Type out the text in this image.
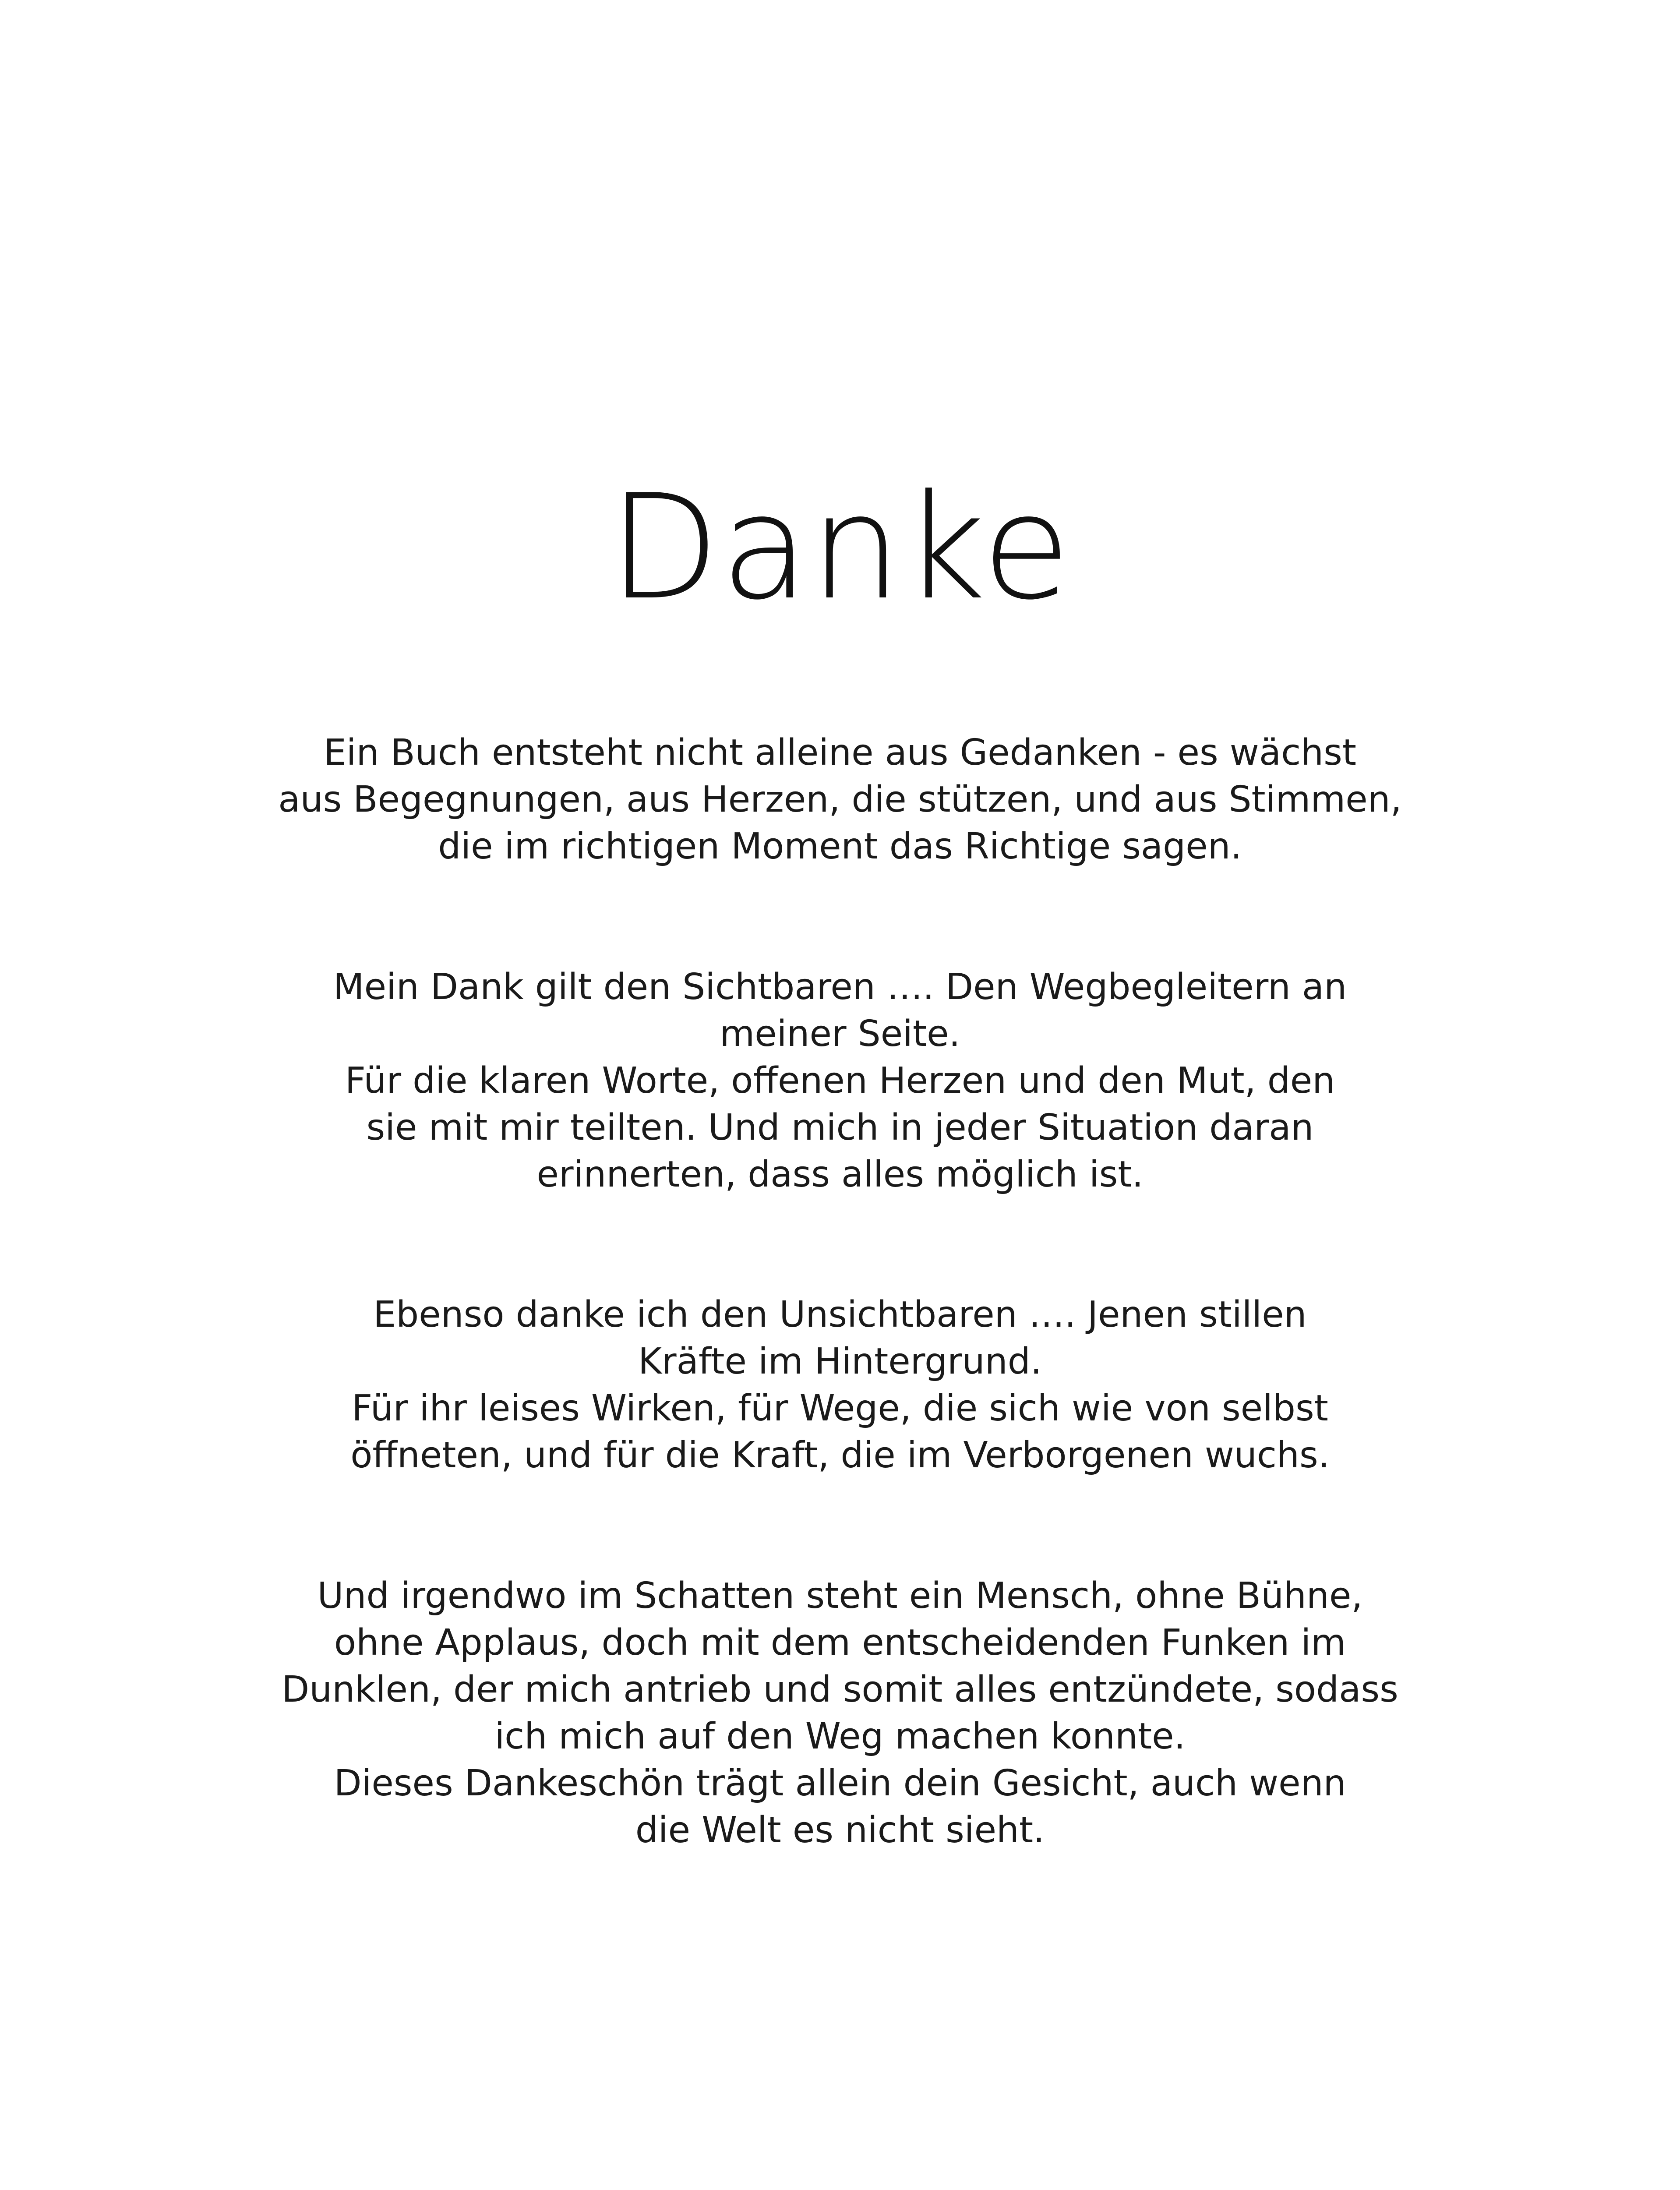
Danke
Ein Buch entsteht nicht alleine aus Gedanken - es wächst
aus Begegnungen, aus Herzen, die stützen, und aus Stimmen,
die im richtigen Moment das Richtige sagen.
Mein Dank gilt den Sichtbaren …. Den Wegbegleitern an
meiner Seite.
Für die klaren Worte, offenen Herzen und den Mut, den
sie mit mir teilten. Und mich in jeder Situation daran
erinnerten, dass alles möglich ist.
Ebenso danke ich den Unsichtbaren …. Jenen stillen
Kräfte im Hintergrund.
Für ihr leises Wirken, für Wege, die sich wie von selbst
öffneten, und für die Kraft, die im Verborgenen wuchs.
Und irgendwo im Schatten steht ein Mensch, ohne Bühne,
ohne Applaus, doch mit dem entscheidenden Funken im
Dunklen, der mich antrieb und somit alles entzündete, sodass
ich mich auf den Weg machen konnte.
Dieses Dankeschön trägt allein dein Gesicht, auch wenn
die Welt es nicht sieht.
